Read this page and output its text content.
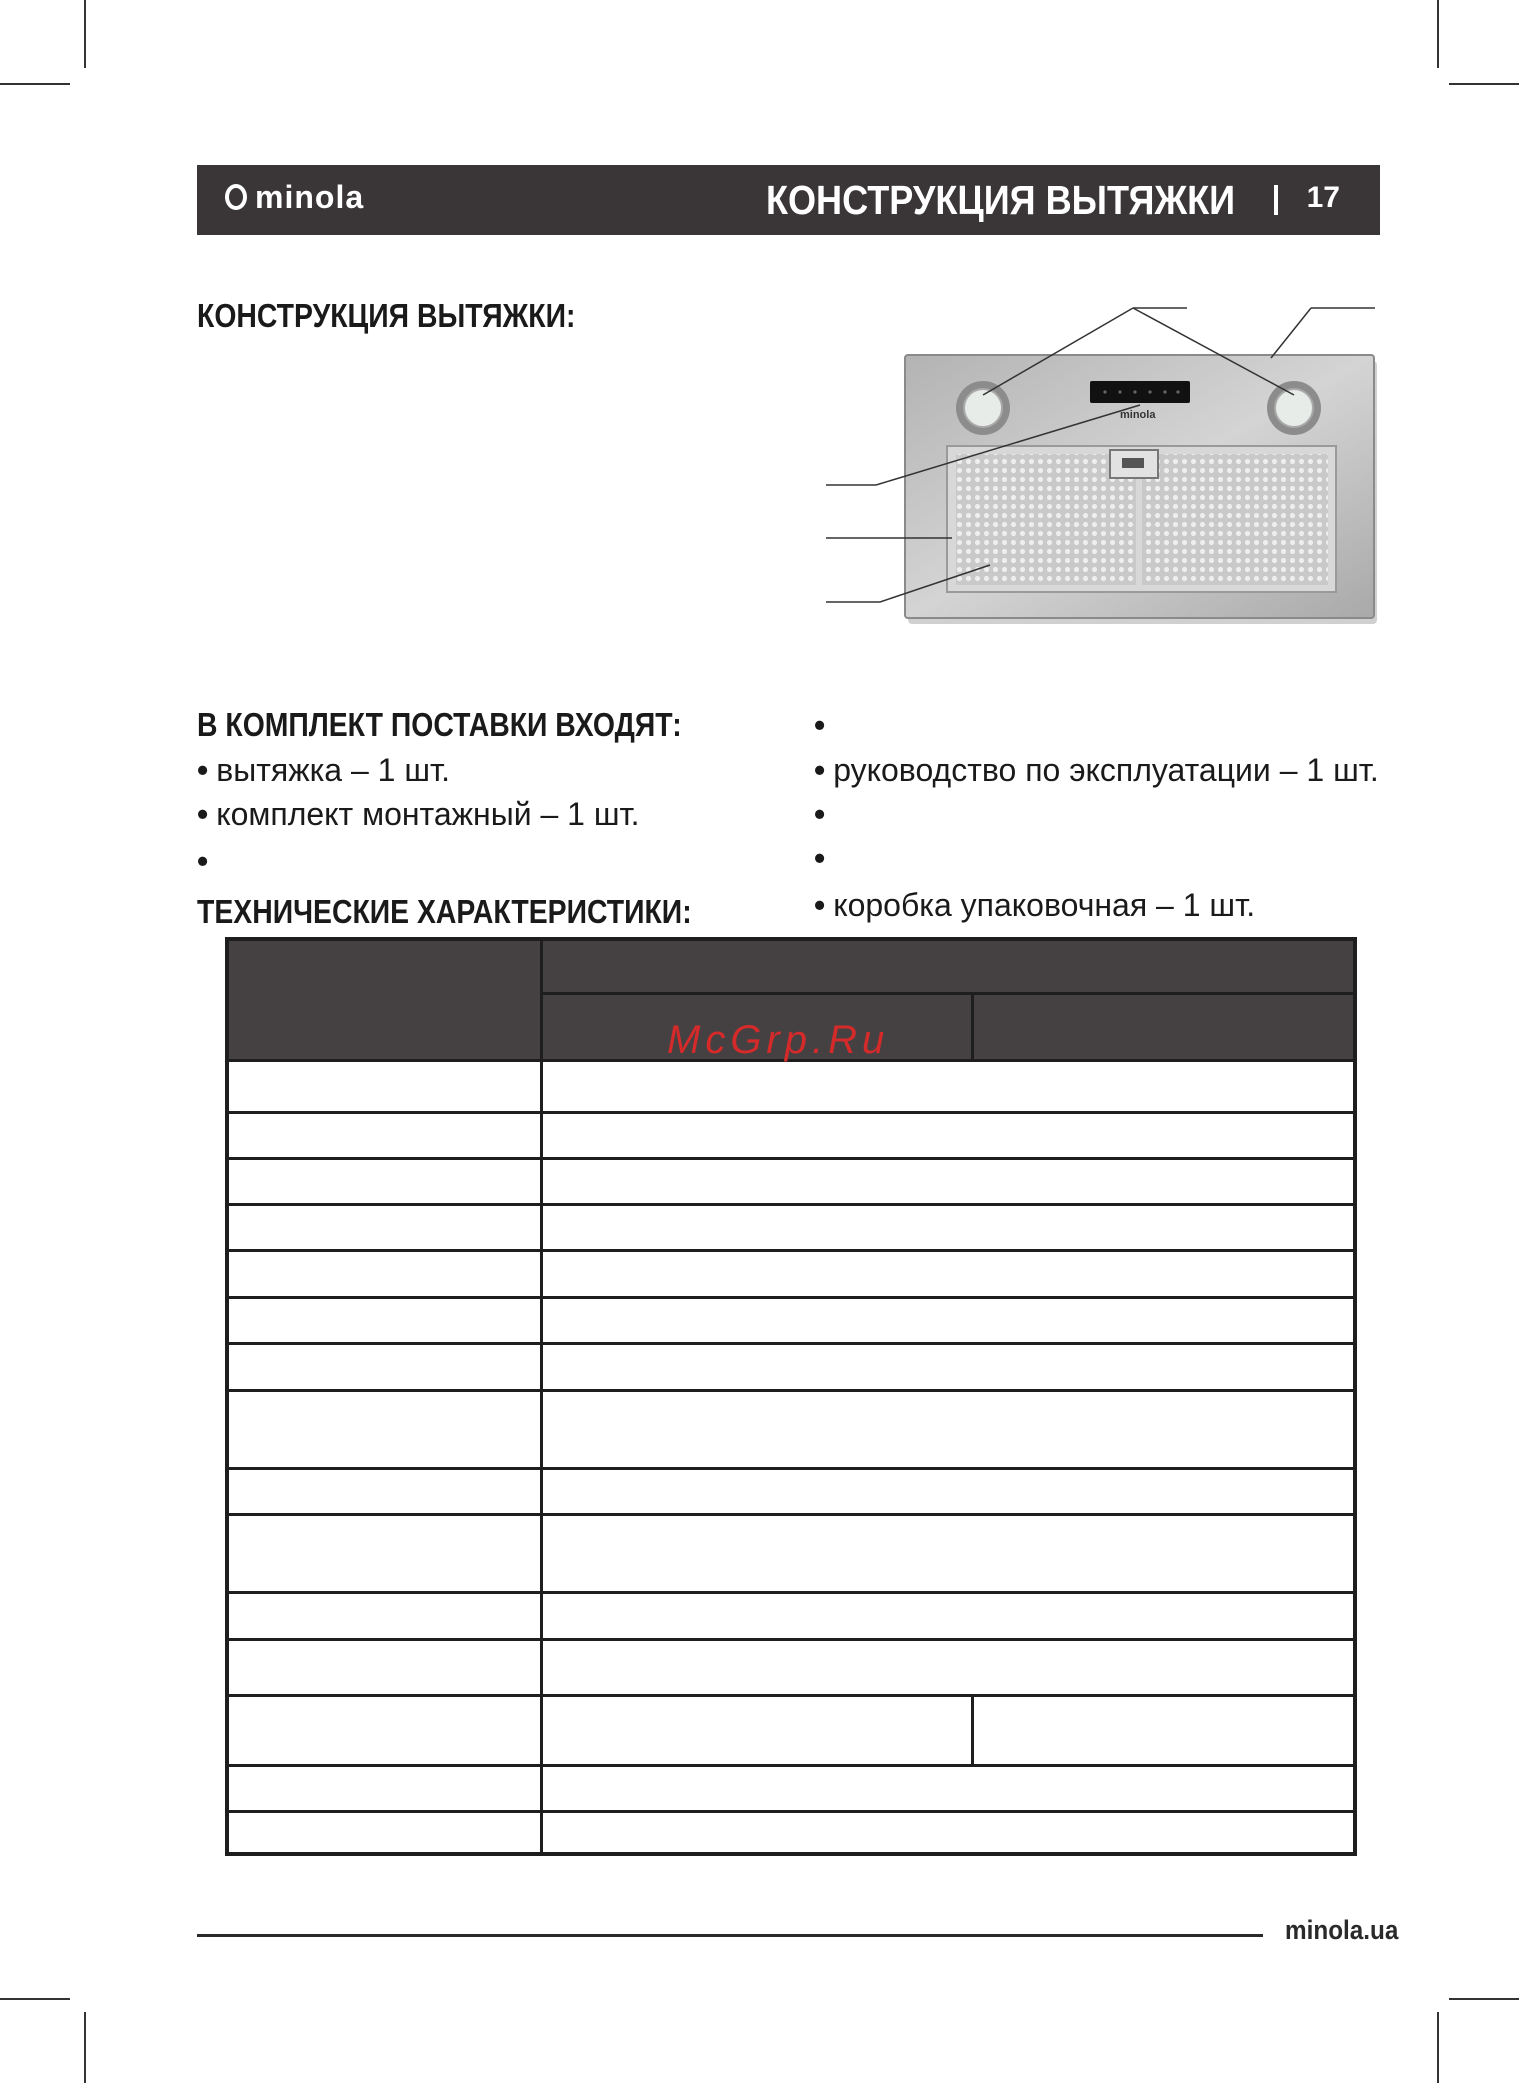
minola	КОНСТРУКЦИЯ ВЫТЯЖКИ 17
КОНСТРУКЦИЯ ВЫТЯЖКИ:
minola
В КОМПЛЕКТ ПОСТАВКИ ВХОДЯТ:
• вытяжка – 1 шт.
• комплект монтажный – 1 шт.
•
•
• руководство по эксплуатации – 1 шт.
•
•
• коробка упаковочная – 1 шт.
ТЕХНИЧЕСКИЕ ХАРАКТЕРИСТИКИ:
McGrp.Ru
minola.ua
